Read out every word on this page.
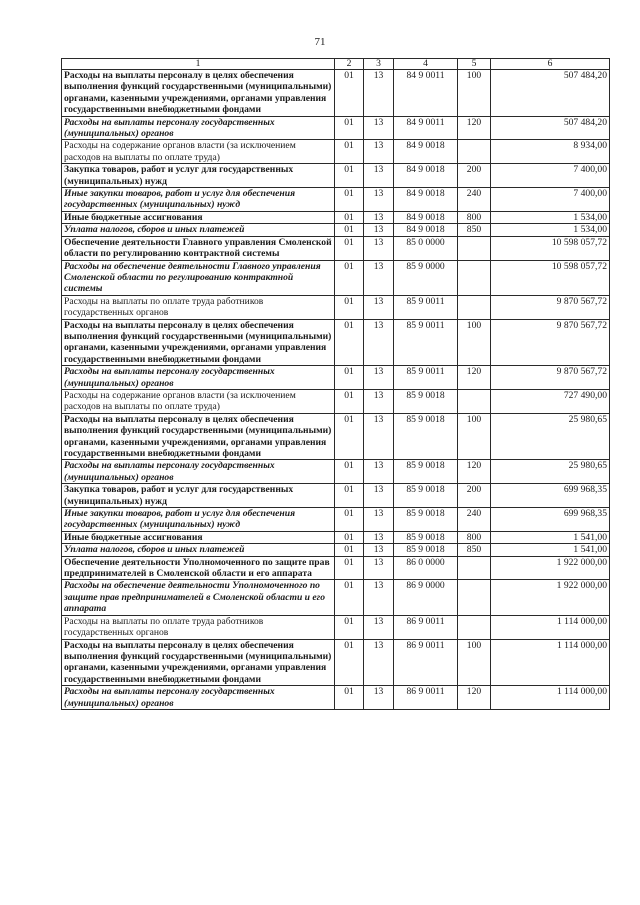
71
1	2	3	4	5	6
Расходы на выплаты персоналу в целях обеспечения выполнения функций государственными (муниципальными) органами, казенными учреждениями, органами управления государственными внебюджетными фондами	01	13	84 9 0011	100	507 484,20
Расходы на выплаты персоналу государственных (муниципальных) органов	01	13	84 9 0011	120	507 484,20
Расходы на содержание органов власти (за исключением расходов на выплаты по оплате труда)	01	13	84 9 0018		8 934,00
Закупка товаров, работ и услуг для государственных (муниципальных) нужд	01	13	84 9 0018	200	7 400,00
Иные закупки товаров, работ и услуг для обеспечения государственных (муниципальных) нужд	01	13	84 9 0018	240	7 400,00
Иные бюджетные ассигнования	01	13	84 9 0018	800	1 534,00
Уплата налогов, сборов и иных платежей	01	13	84 9 0018	850	1 534,00
Обеспечение деятельности Главного управления Смоленской области по регулированию контрактной системы	01	13	85 0 0000		10 598 057,72
Расходы на обеспечение деятельности Главного управления Смоленской области по регулированию контрактной системы	01	13	85 9 0000		10 598 057,72
Расходы на выплаты по оплате труда работников государственных органов	01	13	85 9 0011		9 870 567,72
Расходы на выплаты персоналу в целях обеспечения выполнения функций государственными (муниципальными) органами, казенными учреждениями, органами управления государственными внебюджетными фондами	01	13	85 9 0011	100	9 870 567,72
Расходы на выплаты персоналу государственных (муниципальных) органов	01	13	85 9 0011	120	9 870 567,72
Расходы на содержание органов власти (за исключением расходов на выплаты по оплате труда)	01	13	85 9 0018		727 490,00
Расходы на выплаты персоналу в целях обеспечения выполнения функций государственными (муниципальными) органами, казенными учреждениями, органами управления государственными внебюджетными фондами	01	13	85 9 0018	100	25 980,65
Расходы на выплаты персоналу государственных (муниципальных) органов	01	13	85 9 0018	120	25 980,65
Закупка товаров, работ и услуг для государственных (муниципальных) нужд	01	13	85 9 0018	200	699 968,35
Иные закупки товаров, работ и услуг для обеспечения государственных (муниципальных) нужд	01	13	85 9 0018	240	699 968,35
Иные бюджетные ассигнования	01	13	85 9 0018	800	1 541,00
Уплата налогов, сборов и иных платежей	01	13	85 9 0018	850	1 541,00
Обеспечение деятельности Уполномоченного по защите прав предпринимателей в Смоленской области и его аппарата	01	13	86 0 0000		1 922 000,00
Расходы на обеспечение деятельности Уполномоченного по защите прав предпринимателей в Смоленской области и его аппарата	01	13	86 9 0000		1 922 000,00
Расходы на выплаты по оплате труда работников государственных органов	01	13	86 9 0011		1 114 000,00
Расходы на выплаты персоналу в целях обеспечения выполнения функций государственными (муниципальными) органами, казенными учреждениями, органами управления государственными внебюджетными фондами	01	13	86 9 0011	100	1 114 000,00
Расходы на выплаты персоналу государственных (муниципальных) органов	01	13	86 9 0011	120	1 114 000,00
